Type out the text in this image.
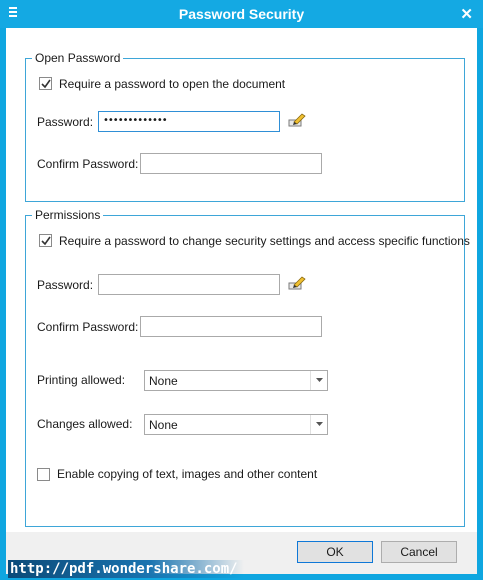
Password Security	✕
Open Password
Require a password to open the document
Password: •••••••••••••
Confirm Password:
Permissions
Require a password to change security settings and access specific functions
Password:
Confirm Password:
Printing allowed: None
Changes allowed: None
Enable copying of text, images and other content
OK	Cancel
http://pdf.wondershare.com/
